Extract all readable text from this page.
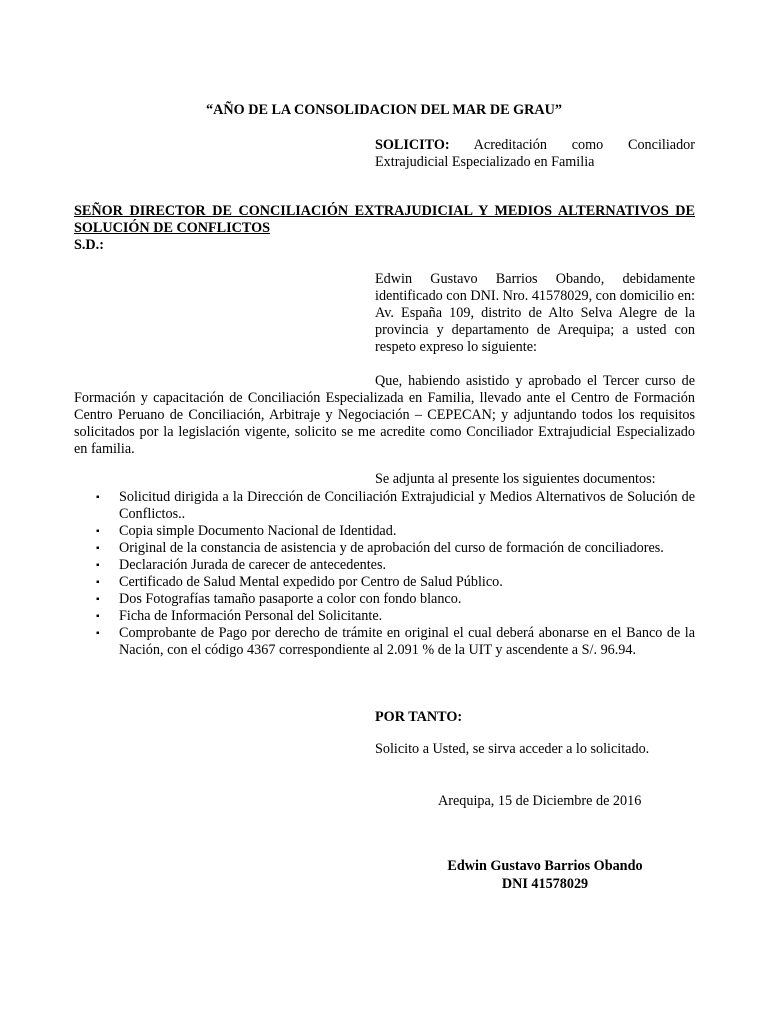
“AÑO DE LA CONSOLIDACION DEL MAR DE GRAU”

SOLICITO: Acreditación como Conciliador Extrajudicial Especializado en Familia

SEÑOR DIRECTOR DE CONCILIACIÓN EXTRAJUDICIAL Y MEDIOS ALTERNATIVOS DE SOLUCIÓN DE CONFLICTOS

S.D.:

Edwin Gustavo Barrios Obando, debidamente identificado con DNI. Nro. 41578029, con domicilio en: Av. España 109, distrito de Alto Selva Alegre de la provincia y departamento de Arequipa; a usted con respeto expreso lo siguiente:

Que, habiendo asistido y aprobado el Tercer curso de Formación y capacitación de Conciliación Especializada en Familia, llevado ante el Centro de Formación Centro Peruano de Conciliación, Arbitraje y Negociación – CEPECAN; y adjuntando todos los requisitos solicitados por la legislación vigente, solicito se me acredite como Conciliador Extrajudicial Especializado en familia.

Se adjunta al presente los siguientes documentos:

▪ Solicitud dirigida a la Dirección de Conciliación Extrajudicial y Medios Alternativos de Solución de Conflictos..
▪ Copia simple Documento Nacional de Identidad.
▪ Original de la constancia de asistencia y de aprobación del curso de formación de conciliadores.
▪ Declaración Jurada de carecer de antecedentes.
▪ Certificado de Salud Mental expedido por Centro de Salud Público.
▪ Dos Fotografías tamaño pasaporte a color con fondo blanco.
▪ Ficha de Información Personal del Solicitante.
▪ Comprobante de Pago por derecho de trámite en original el cual deberá abonarse en el Banco de la Nación, con el código 4367 correspondiente al 2.091 % de la UIT y ascendente a S/. 96.94.

POR TANTO:

Solicito a Usted, se sirva acceder a lo solicitado.

Arequipa, 15 de Diciembre de 2016

Edwin Gustavo Barrios Obando

DNI 41578029
